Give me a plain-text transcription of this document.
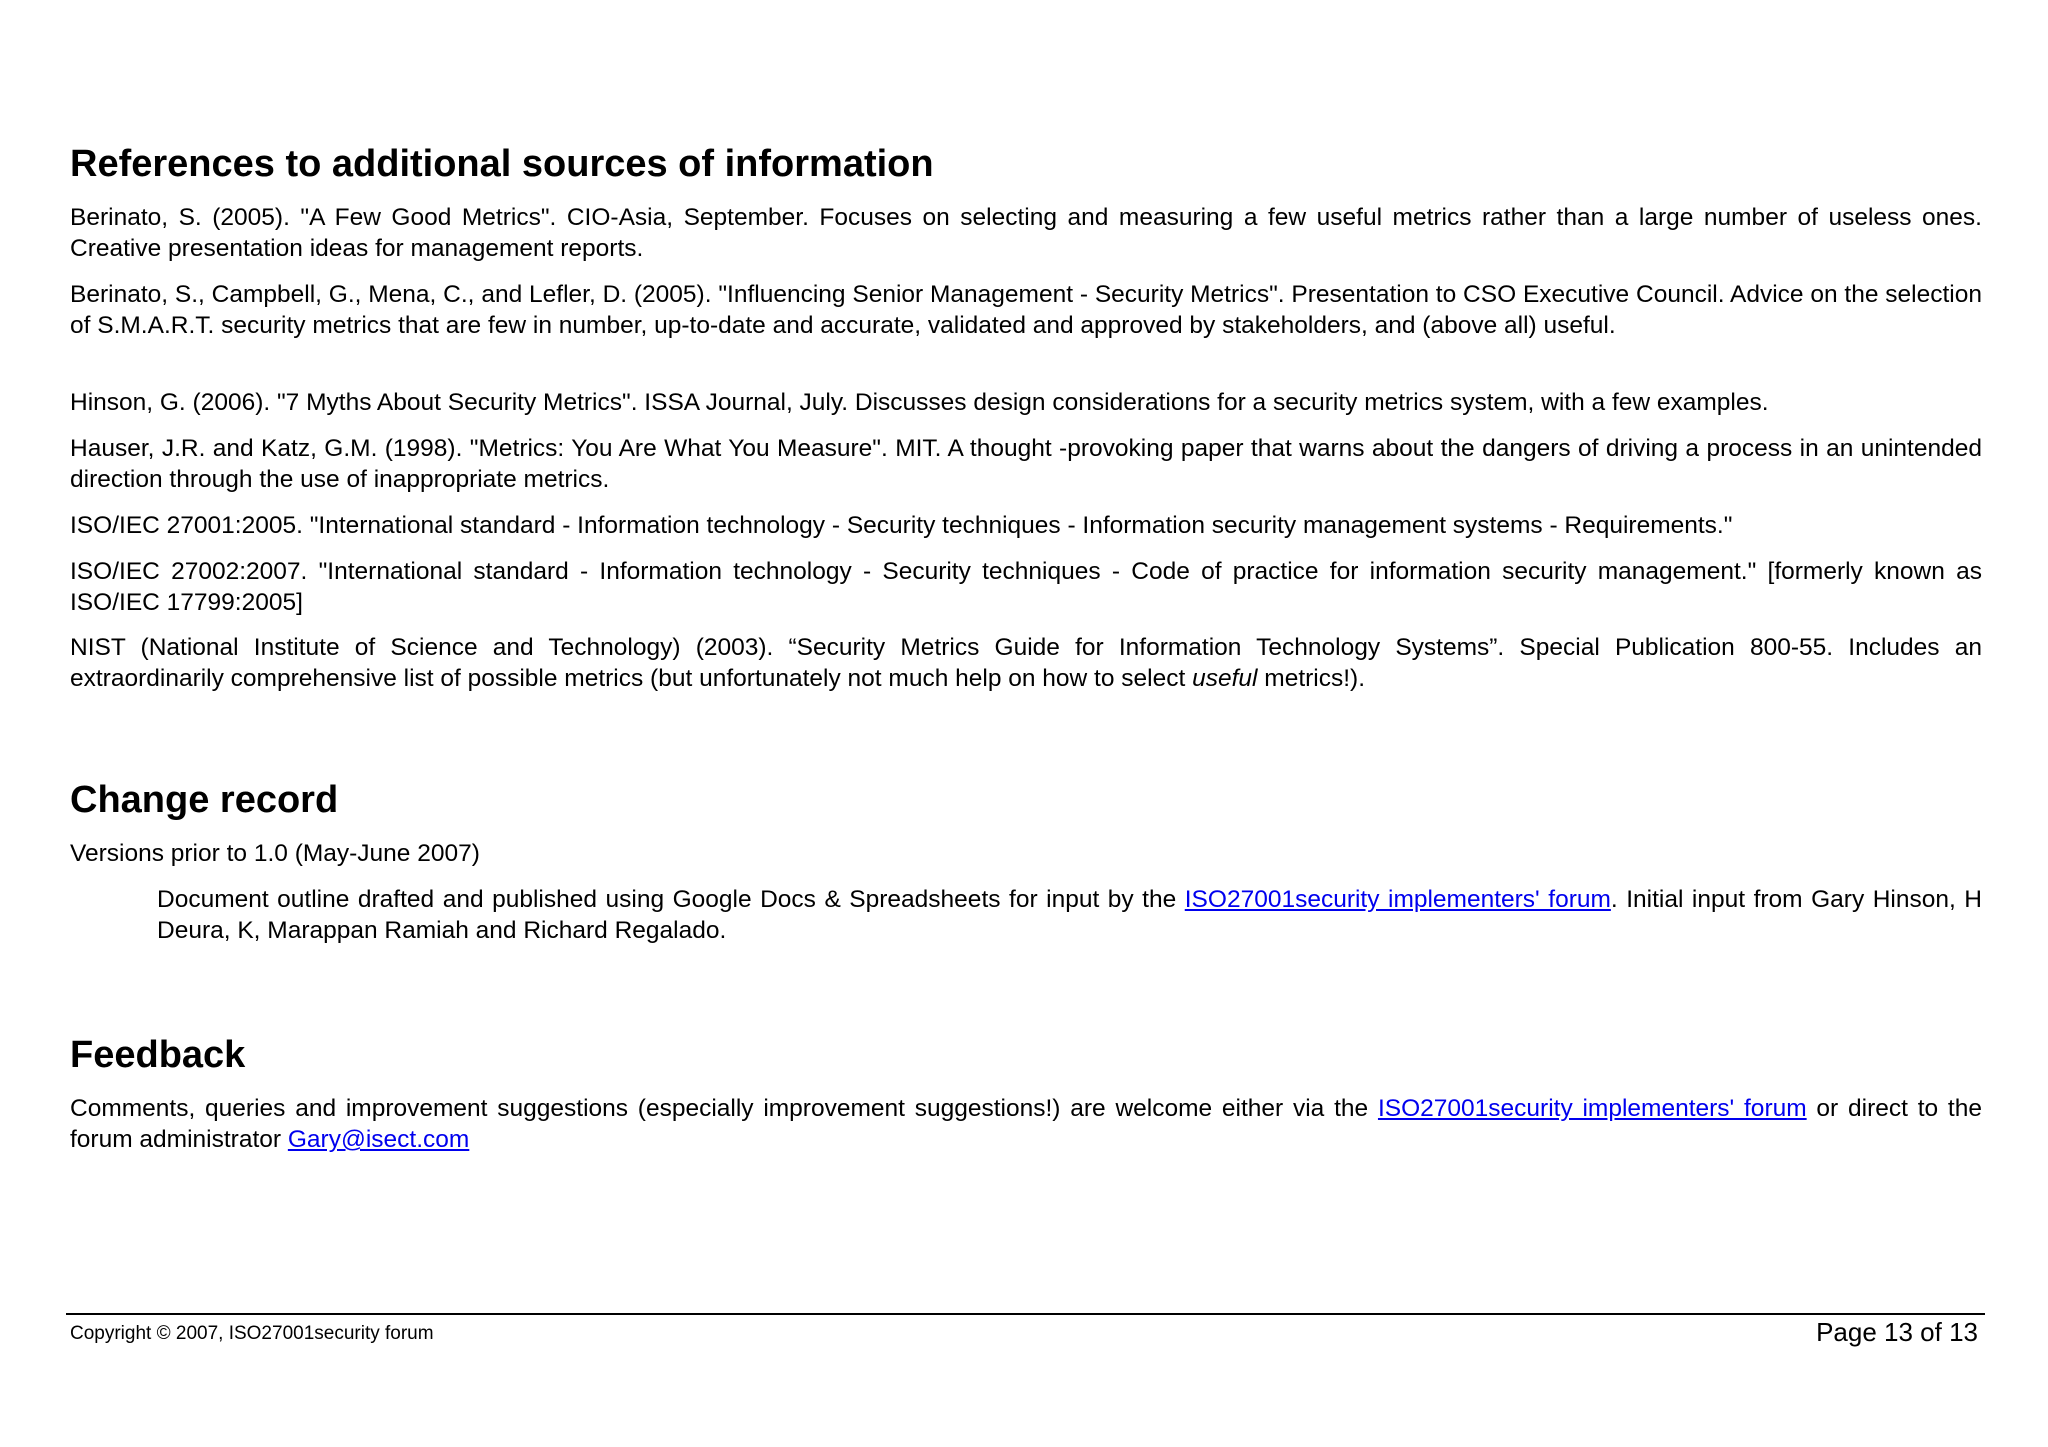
References to additional sources of information

Berinato, S. (2005). "A Few Good Metrics". CIO-Asia, September. Focuses on selecting and measuring a few useful metrics rather than a large number of useless ones. Creative presentation ideas for management reports.

Berinato, S., Campbell, G., Mena, C., and Lefler, D. (2005). "Influencing Senior Management - Security Metrics". Presentation to CSO Executive Council. Advice on the selection of S.M.A.R.T. security metrics that are few in number, up-to-date and accurate, validated and approved by stakeholders, and (above all) useful.

Hinson, G. (2006). "7 Myths About Security Metrics". ISSA Journal, July. Discusses design considerations for a security metrics system, with a few examples.

Hauser, J.R. and Katz, G.M. (1998). "Metrics: You Are What You Measure". MIT. A thought -provoking paper that warns about the dangers of driving a process in an unintended direction through the use of inappropriate metrics.

ISO/IEC 27001:2005. "International standard - Information technology - Security techniques - Information security management systems - Requirements."

ISO/IEC 27002:2007. "International standard - Information technology - Security techniques - Code of practice for information security management." [formerly known as ISO/IEC 17799:2005]

NIST (National Institute of Science and Technology) (2003). “Security Metrics Guide for Information Technology Systems”. Special Publication 800-55. Includes an extraordinarily comprehensive list of possible metrics (but unfortunately not much help on how to select useful metrics!).

Change record

Versions prior to 1.0 (May-June 2007)

Document outline drafted and published using Google Docs & Spreadsheets for input by the ISO27001security implementers' forum. Initial input from Gary Hinson, H Deura, K, Marappan Ramiah and Richard Regalado.

Feedback

Comments, queries and improvement suggestions (especially improvement suggestions!) are welcome either via the ISO27001security implementers' forum or direct to the forum administrator Gary@isect.com

Copyright © 2007, ISO27001security forum	Page 13 of 13
